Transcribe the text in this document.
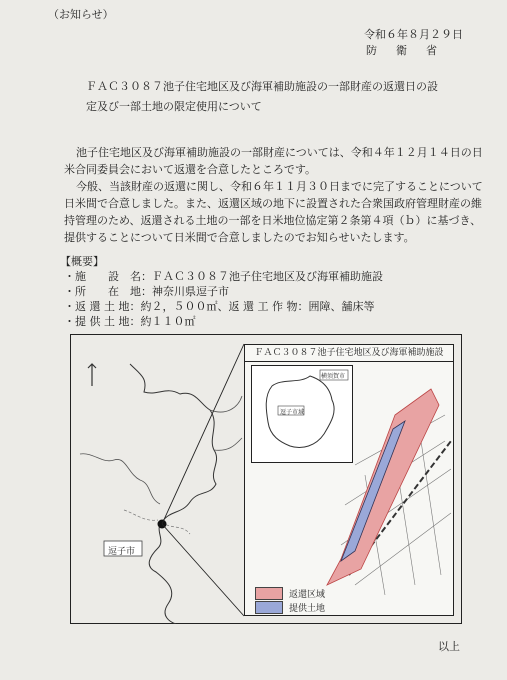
（お知らせ）
令和６年８月２９日
防　衛　省
ＦＡＣ３０８７池子住宅地区及び海軍補助施設の一部財産の返還日の設
定及び一部土地の限定使用について
池子住宅地区及び海軍補助施設の一部財産については、令和４年１２月１４日の日
米合同委員会において返還を合意したところです。
今般、当該財産の返還に関し、令和６年１１月３０日までに完了することについて
日米間で合意しました。また、返還区域の地下に設置された合衆国政府管理財産の維
持管理のため、返還される土地の一部を日米地位協定第２条第４項（ｂ）に基づき、
提供することについて日米間で合意しましたのでお知らせいたします。
【概要】
・施　　設　名：ＦＡＣ３０８７池子住宅地区及び海軍補助施設
・所　　在　地：神奈川県逗子市
・返 還 土 地：約２，５００㎡、返 還 工 作 物：囲障、舗床等
・提 供 土 地：約１１０㎡
逗子市
ＦＡＣ３０８７池子住宅地区及び海軍補助施設
横須賀市
逗子市域
返還区域
提供土地
以上
